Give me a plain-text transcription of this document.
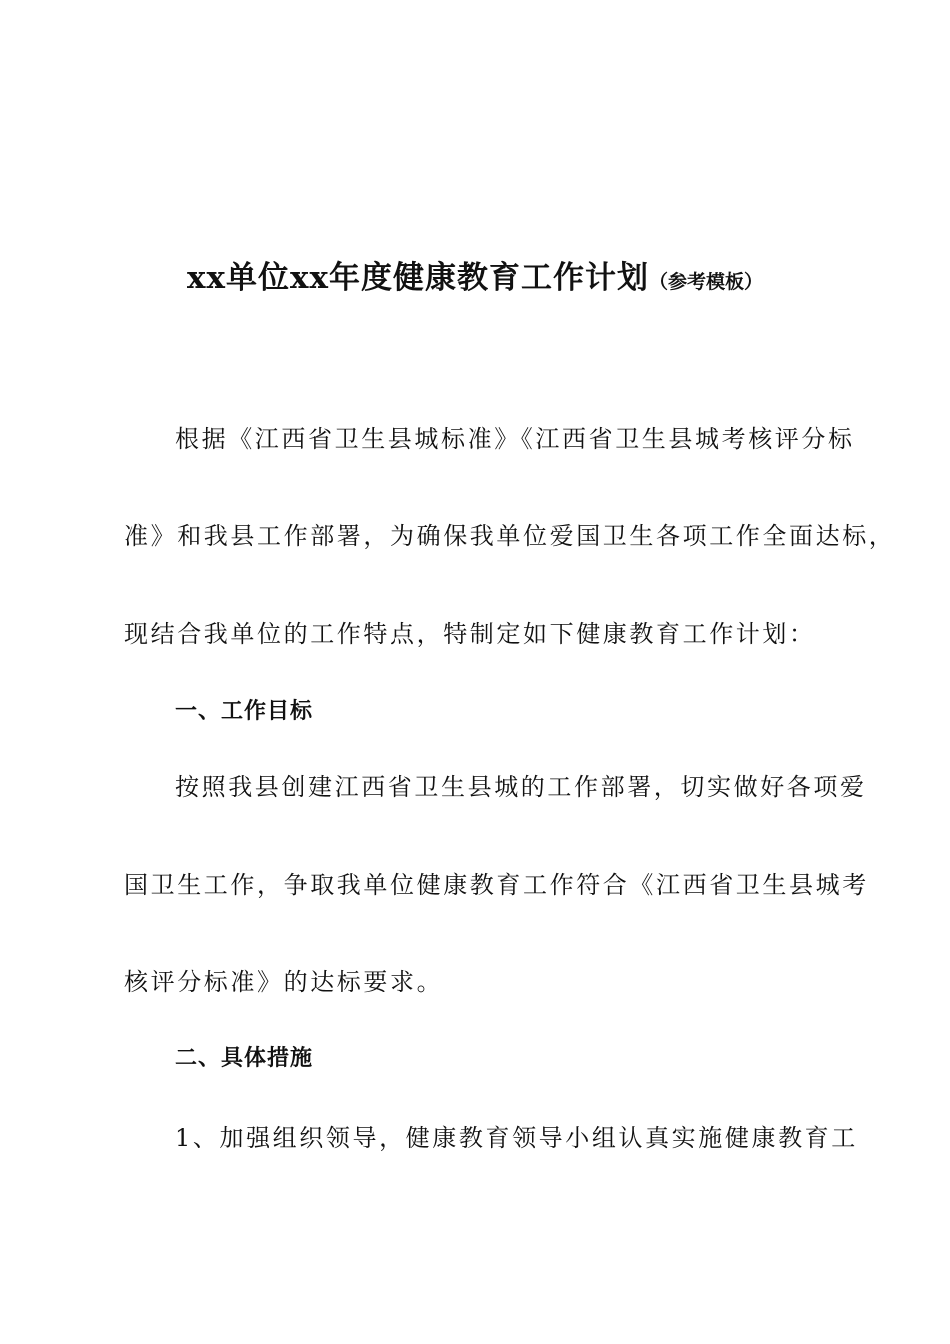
xx单位xx年度健康教育工作计划（参考模板）
根据《江西省卫生县城标准》《江西省卫生县城考核评分标
准》和我县工作部署，为确保我单位爱国卫生各项工作全面达标，
现结合我单位的工作特点，特制定如下健康教育工作计划：
一、工作目标
按照我县创建江西省卫生县城的工作部署，切实做好各项爱
国卫生工作，争取我单位健康教育工作符合《江西省卫生县城考
核评分标准》的达标要求。
二、具体措施
1、加强组织领导，健康教育领导小组认真实施健康教育工
